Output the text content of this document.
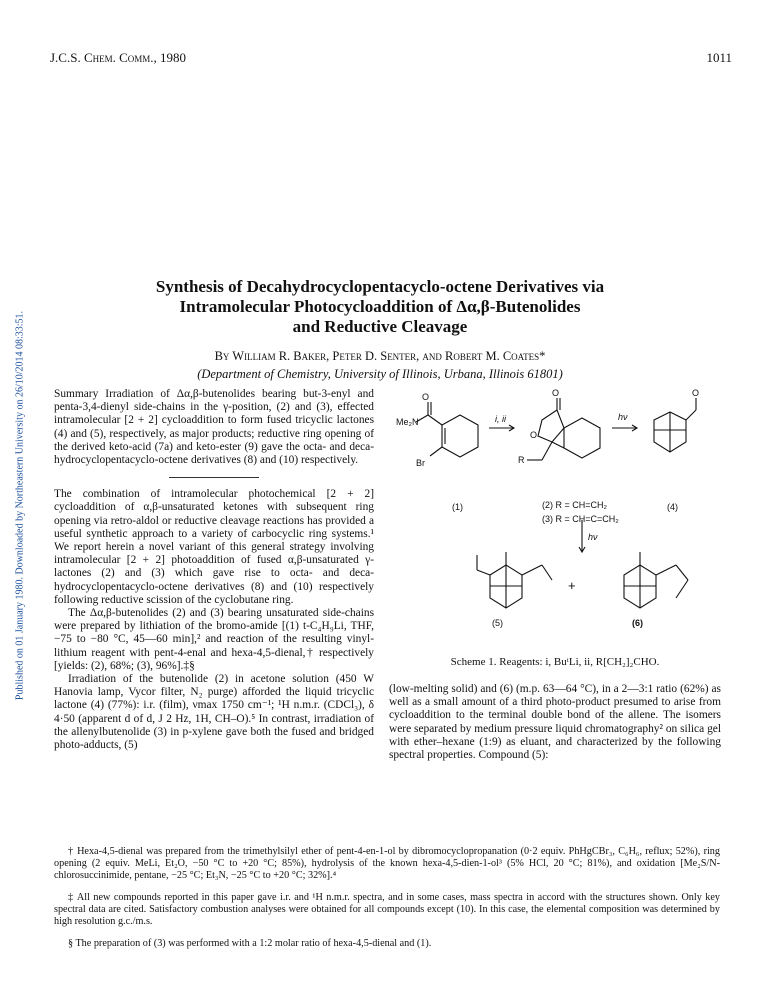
J.C.S. Chem. Comm., 1980	1011
Published on 01 January 1980. Downloaded by Northeastern University on 26/10/2014 08:33:51.
Synthesis of Decahydrocyclopentacyclo-octene Derivatives via
Intramolecular Photocycloaddition of Δα,β-Butenolides
and Reductive Cleavage
By William R. Baker, Peter D. Senter, and Robert M. Coates*
(Department of Chemistry, University of Illinois, Urbana, Illinois 61801)

Summary Irradiation of Δα,β-butenolides bearing but-3-enyl and penta-3,4-dienyl side-chains in the γ-position, (2) and (3), effected intramolecular [2 + 2] cycloaddition to form fused tricyclic lactones (4) and (5), respectively, as major products; reductive ring opening of the derived keto-acid (7a) and keto-ester (9) gave the octa- and deca-hydrocyclopentacyclo-octene derivatives (8) and (10) respectively.

The combination of intramolecular photochemical [2 + 2] cycloaddition of α,β-unsaturated ketones with subsequent ring opening via retro-aldol or reductive cleavage reactions has provided a useful synthetic approach to a variety of carbocyclic ring systems.¹ We report herein a novel variant of this general strategy involving intramolecular [2 + 2] photoaddition of fused α,β-unsaturated γ-lactones (2) and (3) which gave rise to octa- and deca-hydrocyclopentacyclo-octene derivatives (8) and (10) respectively following reductive scission of the cyclobutane ring.

The Δα,β-butenolides (2) and (3) bearing unsaturated side-chains were prepared by lithiation of the bromo-amide [(1) t-C₄H₉Li, THF, −75 to −80 °C, 45—60 min],² and reaction of the resulting vinyl-lithium reagent with pent-4-enal and hexa-4,5-dienal,† respectively [yields: (2), 68%; (3), 96%].‡§

Irradiation of the butenolide (2) in acetone solution (450 W Hanovia lamp, Vycor filter, N₂ purge) afforded the liquid tricyclic lactone (4) (77%): i.r. (film), νmax 1750 cm⁻¹; ¹H n.m.r. (CDCl₃), δ 4·50 (apparent d of d, J 2 Hz, 1H, CH–O).⁵ In contrast, irradiation of the allenylbutenolide (3) in p-xylene gave both the fused and bridged photo-adducts, (5)

Me₂N
O
Br
O
O
R
O
i, ii	hν
hν
(1)	(2) R = CH=CH₂
(3) R = CH=C=CH₂
(4)
+
(5)	(6)
Scheme 1. Reagents: i, BuᵗLi, ii, R[CH₂]₂CHO.

(low-melting solid) and (6) (m.p. 63—64 °C), in a 2—3:1 ratio (62%) as well as a small amount of a third photo-product presumed to arise from cycloaddition to the terminal double bond of the allene. The isomers were separated by medium pressure liquid chromatography² on silica gel with ether–hexane (1:9) as eluant, and characterized by the following spectral properties. Compound (5):

† Hexa-4,5-dienal was prepared from the trimethylsilyl ether of pent-4-en-1-ol by dibromocyclopropanation (0·2 equiv. PhHgCBr₃, C₆H₆, reflux; 52%), ring opening (2 equiv. MeLi, Et₂O, −50 °C to +20 °C; 85%), hydrolysis of the known hexa-4,5-dien-1-ol³ (5% HCl, 20 °C; 81%), and oxidation [Me₂S/N-chlorosuccinimide, pentane, −25 °C; Et₃N, −25 °C to +20 °C; 32%].⁴

‡ All new compounds reported in this paper gave i.r. and ¹H n.m.r. spectra, and in some cases, mass spectra in accord with the structures shown. Only key spectral data are cited. Satisfactory combustion analyses were obtained for all compounds except (10). In this case, the elemental composition was determined by high resolution g.c./m.s.

§ The preparation of (3) was performed with a 1:2 molar ratio of hexa-4,5-dienal and (1).
